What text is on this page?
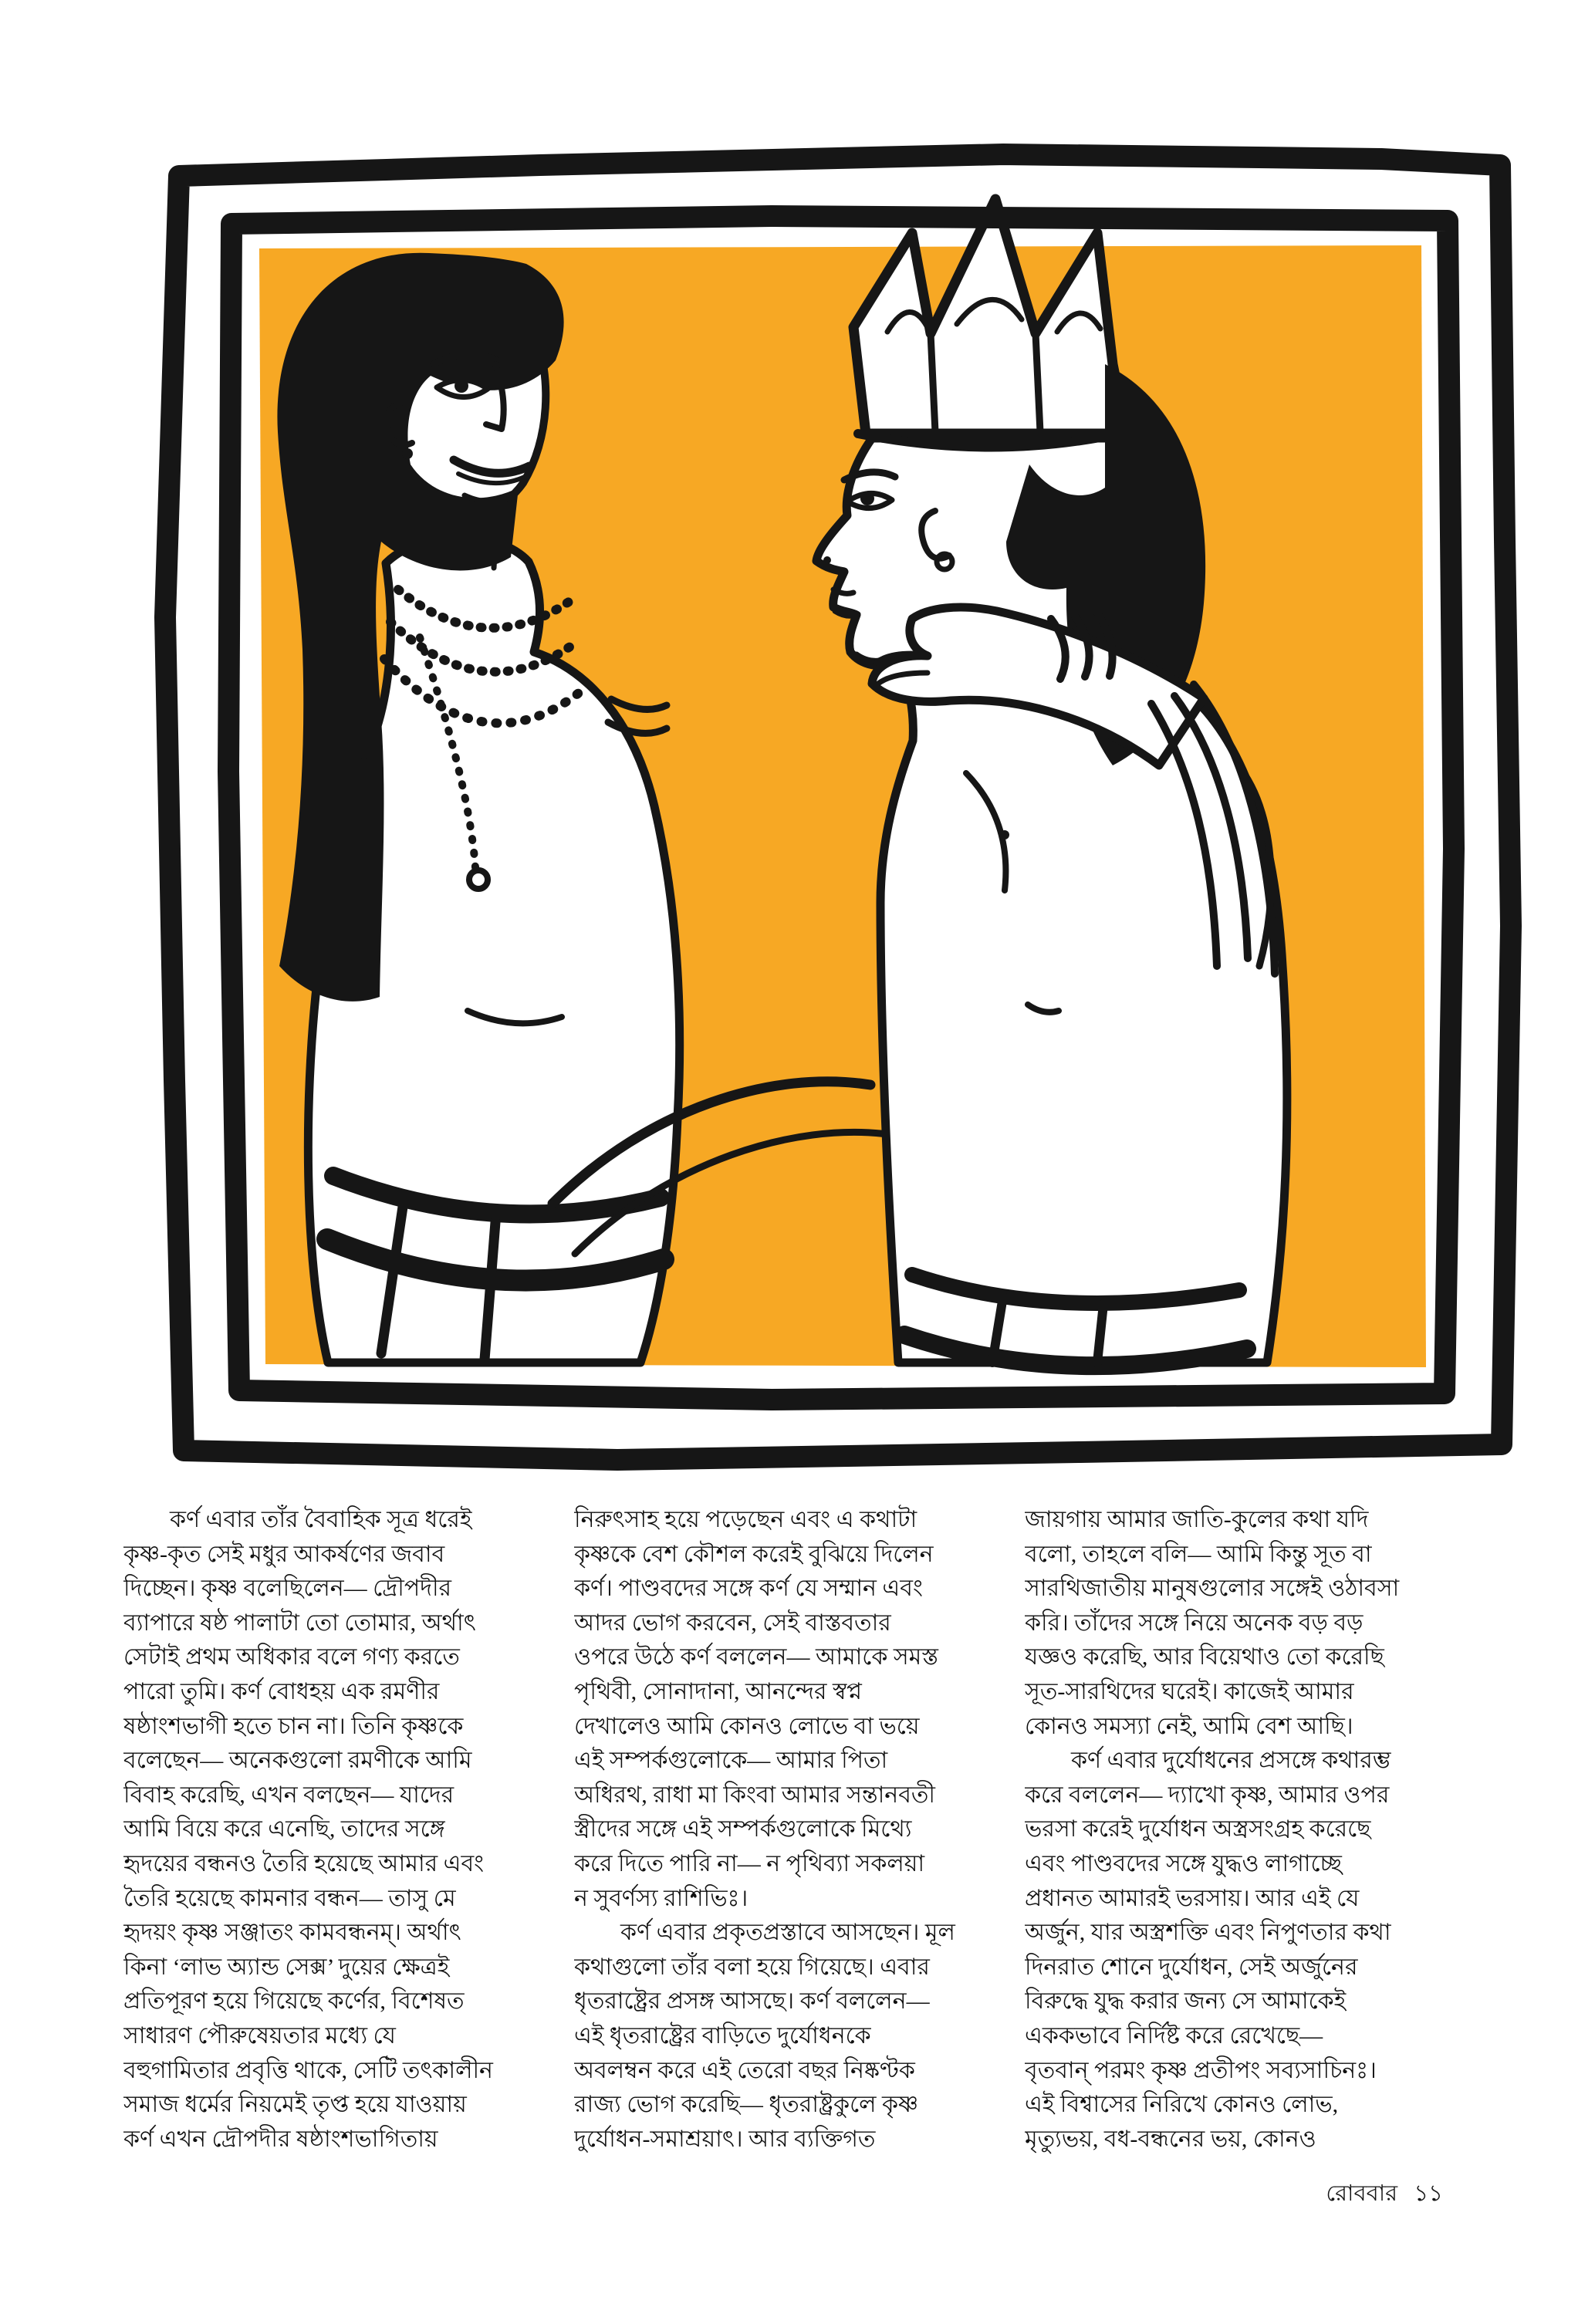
  কর্ণ এবার তাঁর বৈবাহিক সূত্র ধরেই
কৃষ্ণ-কৃত সেই মধুর আকর্ষণের জবাব
দিচ্ছেন। কৃষ্ণ বলেছিলেন— দ্রৌপদীর
ব্যাপারে ষষ্ঠ পালাটা তো তোমার, অর্থাৎ
সেটাই প্রথম অধিকার বলে গণ্য করতে
পারো তুমি। কর্ণ বোধহয় এক রমণীর
ষষ্ঠাংশভাগী হতে চান না। তিনি কৃষ্ণকে
বলেছেন— অনেকগুলো রমণীকে আমি
বিবাহ করেছি, এখন বলছেন— যাদের
আমি বিয়ে করে এনেছি, তাদের সঙ্গে
হৃদয়ের বন্ধনও তৈরি হয়েছে আমার এবং
তৈরি হয়েছে কামনার বন্ধন— তাসু মে
হৃদয়ং কৃষ্ণ সঞ্জাতং কামবন্ধনম্। অর্থাৎ
কিনা ‘লাভ অ্যান্ড সেক্স’ দুয়ের ক্ষেত্রই
প্রতিপূরণ হয়ে গিয়েছে কর্ণের, বিশেষত
সাধারণ পৌরুষেয়তার মধ্যে যে
বহুগামিতার প্রবৃত্তি থাকে, সেটি তৎকালীন
সমাজ ধর্মের নিয়মেই তৃপ্ত হয়ে যাওয়ায়
কর্ণ এখন দ্রৌপদীর ষষ্ঠাংশভাগিতায়
নিরুৎসাহ হয়ে পড়েছেন এবং এ কথাটা
কৃষ্ণকে বেশ কৌশল করেই বুঝিয়ে দিলেন
কর্ণ। পাণ্ডবদের সঙ্গে কর্ণ যে সম্মান এবং
আদর ভোগ করবেন, সেই বাস্তবতার
ওপরে উঠে কর্ণ বললেন— আমাকে সমস্ত
পৃথিবী, সোনাদানা, আনন্দের স্বপ্ন
দেখালেও আমি কোনও লোভে বা ভয়ে
এই সম্পর্কগুলোকে— আমার পিতা
অধিরথ, রাধা মা কিংবা আমার সন্তানবতী
স্ত্রীদের সঙ্গে এই সম্পর্কগুলোকে মিথ্যে
করে দিতে পারি না— ন পৃথিব্যা সকলয়া
ন সুবর্ণস্য রাশিভিঃ।
  কর্ণ এবার প্রকৃতপ্রস্তাবে আসছেন। মূল
কথাগুলো তাঁর বলা হয়ে গিয়েছে। এবার
ধৃতরাষ্ট্রের প্রসঙ্গ আসছে। কর্ণ বললেন—
এই ধৃতরাষ্ট্রের বাড়িতে দুর্যোধনকে
অবলম্বন করে এই তেরো বছর নিষ্কণ্টক
রাজ্য ভোগ করেছি— ধৃতরাষ্ট্রকুলে কৃষ্ণ
দুর্যোধন-সমাশ্রয়াৎ। আর ব্যক্তিগত
জায়গায় আমার জাতি-কুলের কথা যদি
বলো, তাহলে বলি— আমি কিন্তু সূত বা
সারথিজাতীয় মানুষগুলোর সঙ্গেই ওঠাবসা
করি। তাঁদের সঙ্গে নিয়ে অনেক বড় বড়
যজ্ঞও করেছি, আর বিয়েথাও তো করেছি
সূত-সারথিদের ঘরেই। কাজেই আমার
কোনও সমস্যা নেই, আমি বেশ আছি।
  কর্ণ এবার দুর্যোধনের প্রসঙ্গে কথারম্ভ
করে বললেন— দ্যাখো কৃষ্ণ, আমার ওপর
ভরসা করেই দুর্যোধন অস্ত্রসংগ্রহ করেছে
এবং পাণ্ডবদের সঙ্গে যুদ্ধও লাগাচ্ছে
প্রধানত আমারই ভরসায়। আর এই যে
অর্জুন, যার অস্ত্রশক্তি এবং নিপুণতার কথা
দিনরাত শোনে দুর্যোধন, সেই অর্জুনের
বিরুদ্ধে যুদ্ধ করার জন্য সে আমাকেই
এককভাবে নির্দিষ্ট করে রেখেছে—
বৃতবান্ পরমং কৃষ্ণ প্রতীপং সব্যসাচিনঃ।
এই বিশ্বাসের নিরিখে কোনও লোভ,
মৃত্যুভয়, বধ-বন্ধনের ভয়, কোনও
রোববার ১১
